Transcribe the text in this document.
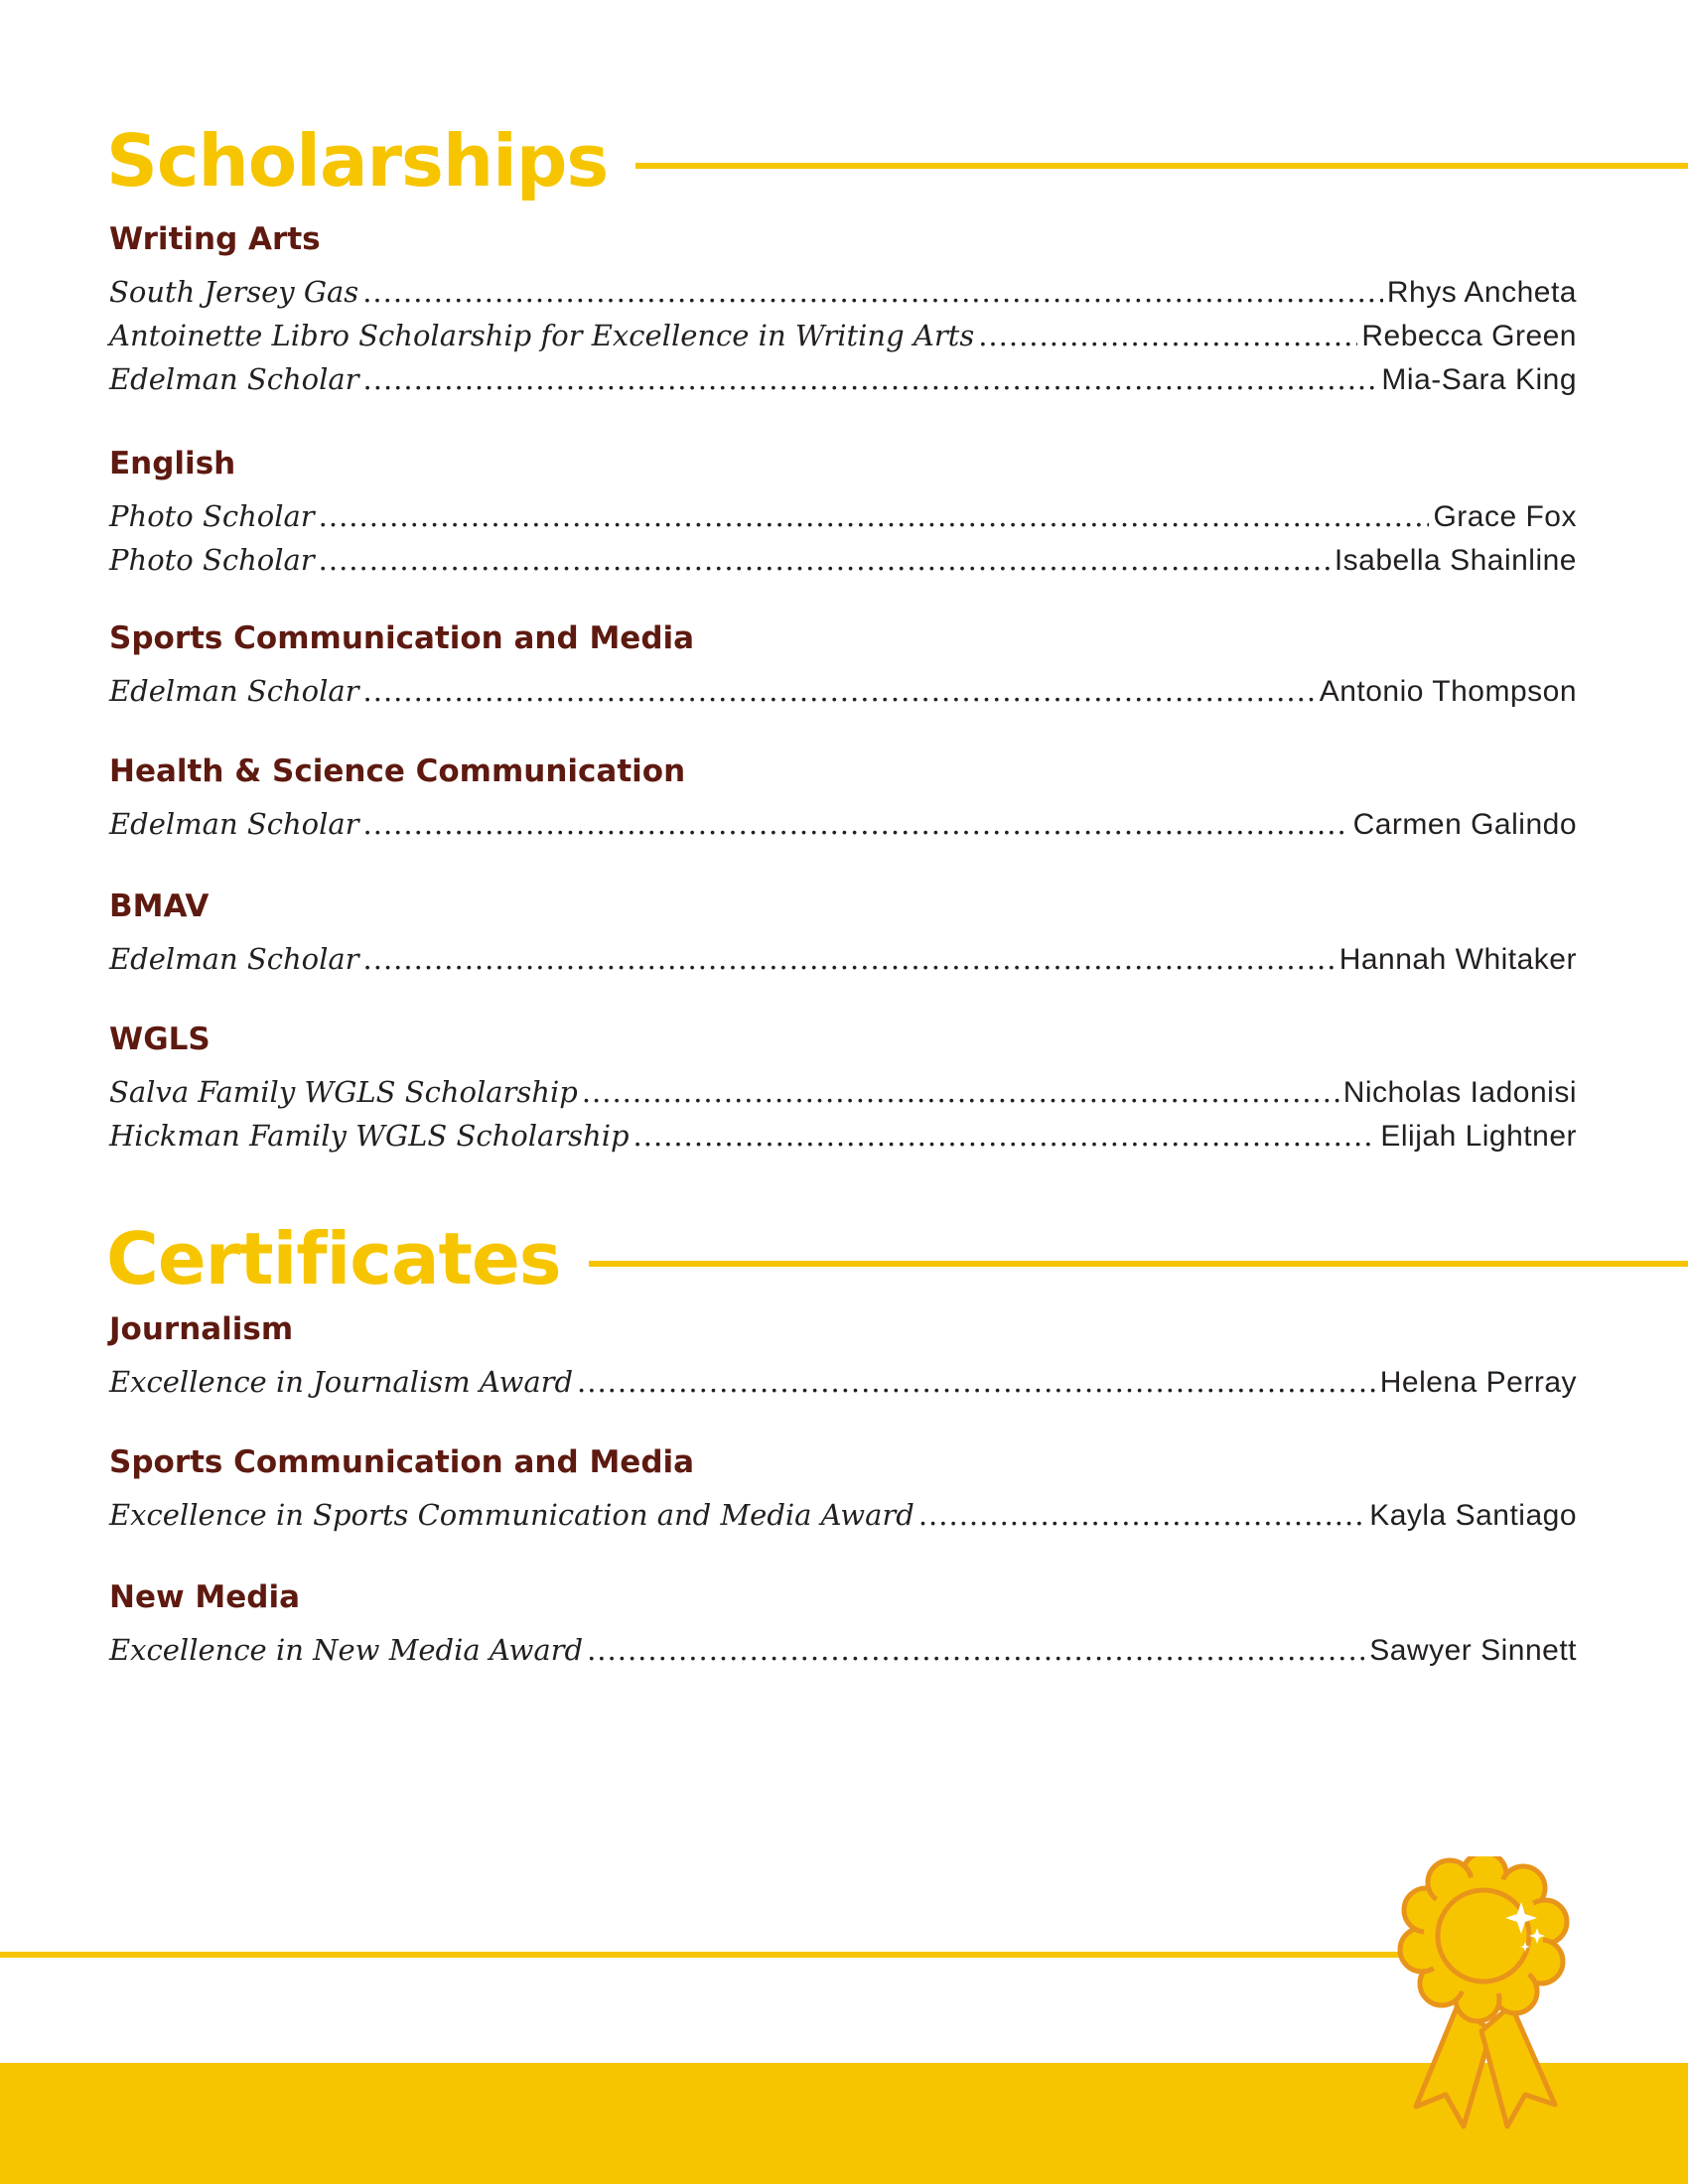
Scholarships
Writing Arts
South Jersey Gas .....	Rhys Ancheta
Antoinette Libro Scholarship for Excellence in Writing Arts .....	Rebecca Green
Edelman Scholar .....	Mia-Sara King
English
Photo Scholar .....	Grace Fox
Photo Scholar .....	Isabella Shainline
Sports Communication and Media
Edelman Scholar .....	Antonio Thompson
Health & Science Communication
Edelman Scholar .....	Carmen Galindo
BMAV
Edelman Scholar .....	Hannah Whitaker
WGLS
Salva Family WGLS Scholarship .....	Nicholas Iadonisi
Hickman Family WGLS Scholarship .....	Elijah Lightner
Certificates
Journalism
Excellence in Journalism Award .....	Helena Perray
Sports Communication and Media
Excellence in Sports Communication and Media Award .....	Kayla Santiago
New Media
Excellence in New Media Award .....	Sawyer Sinnett
